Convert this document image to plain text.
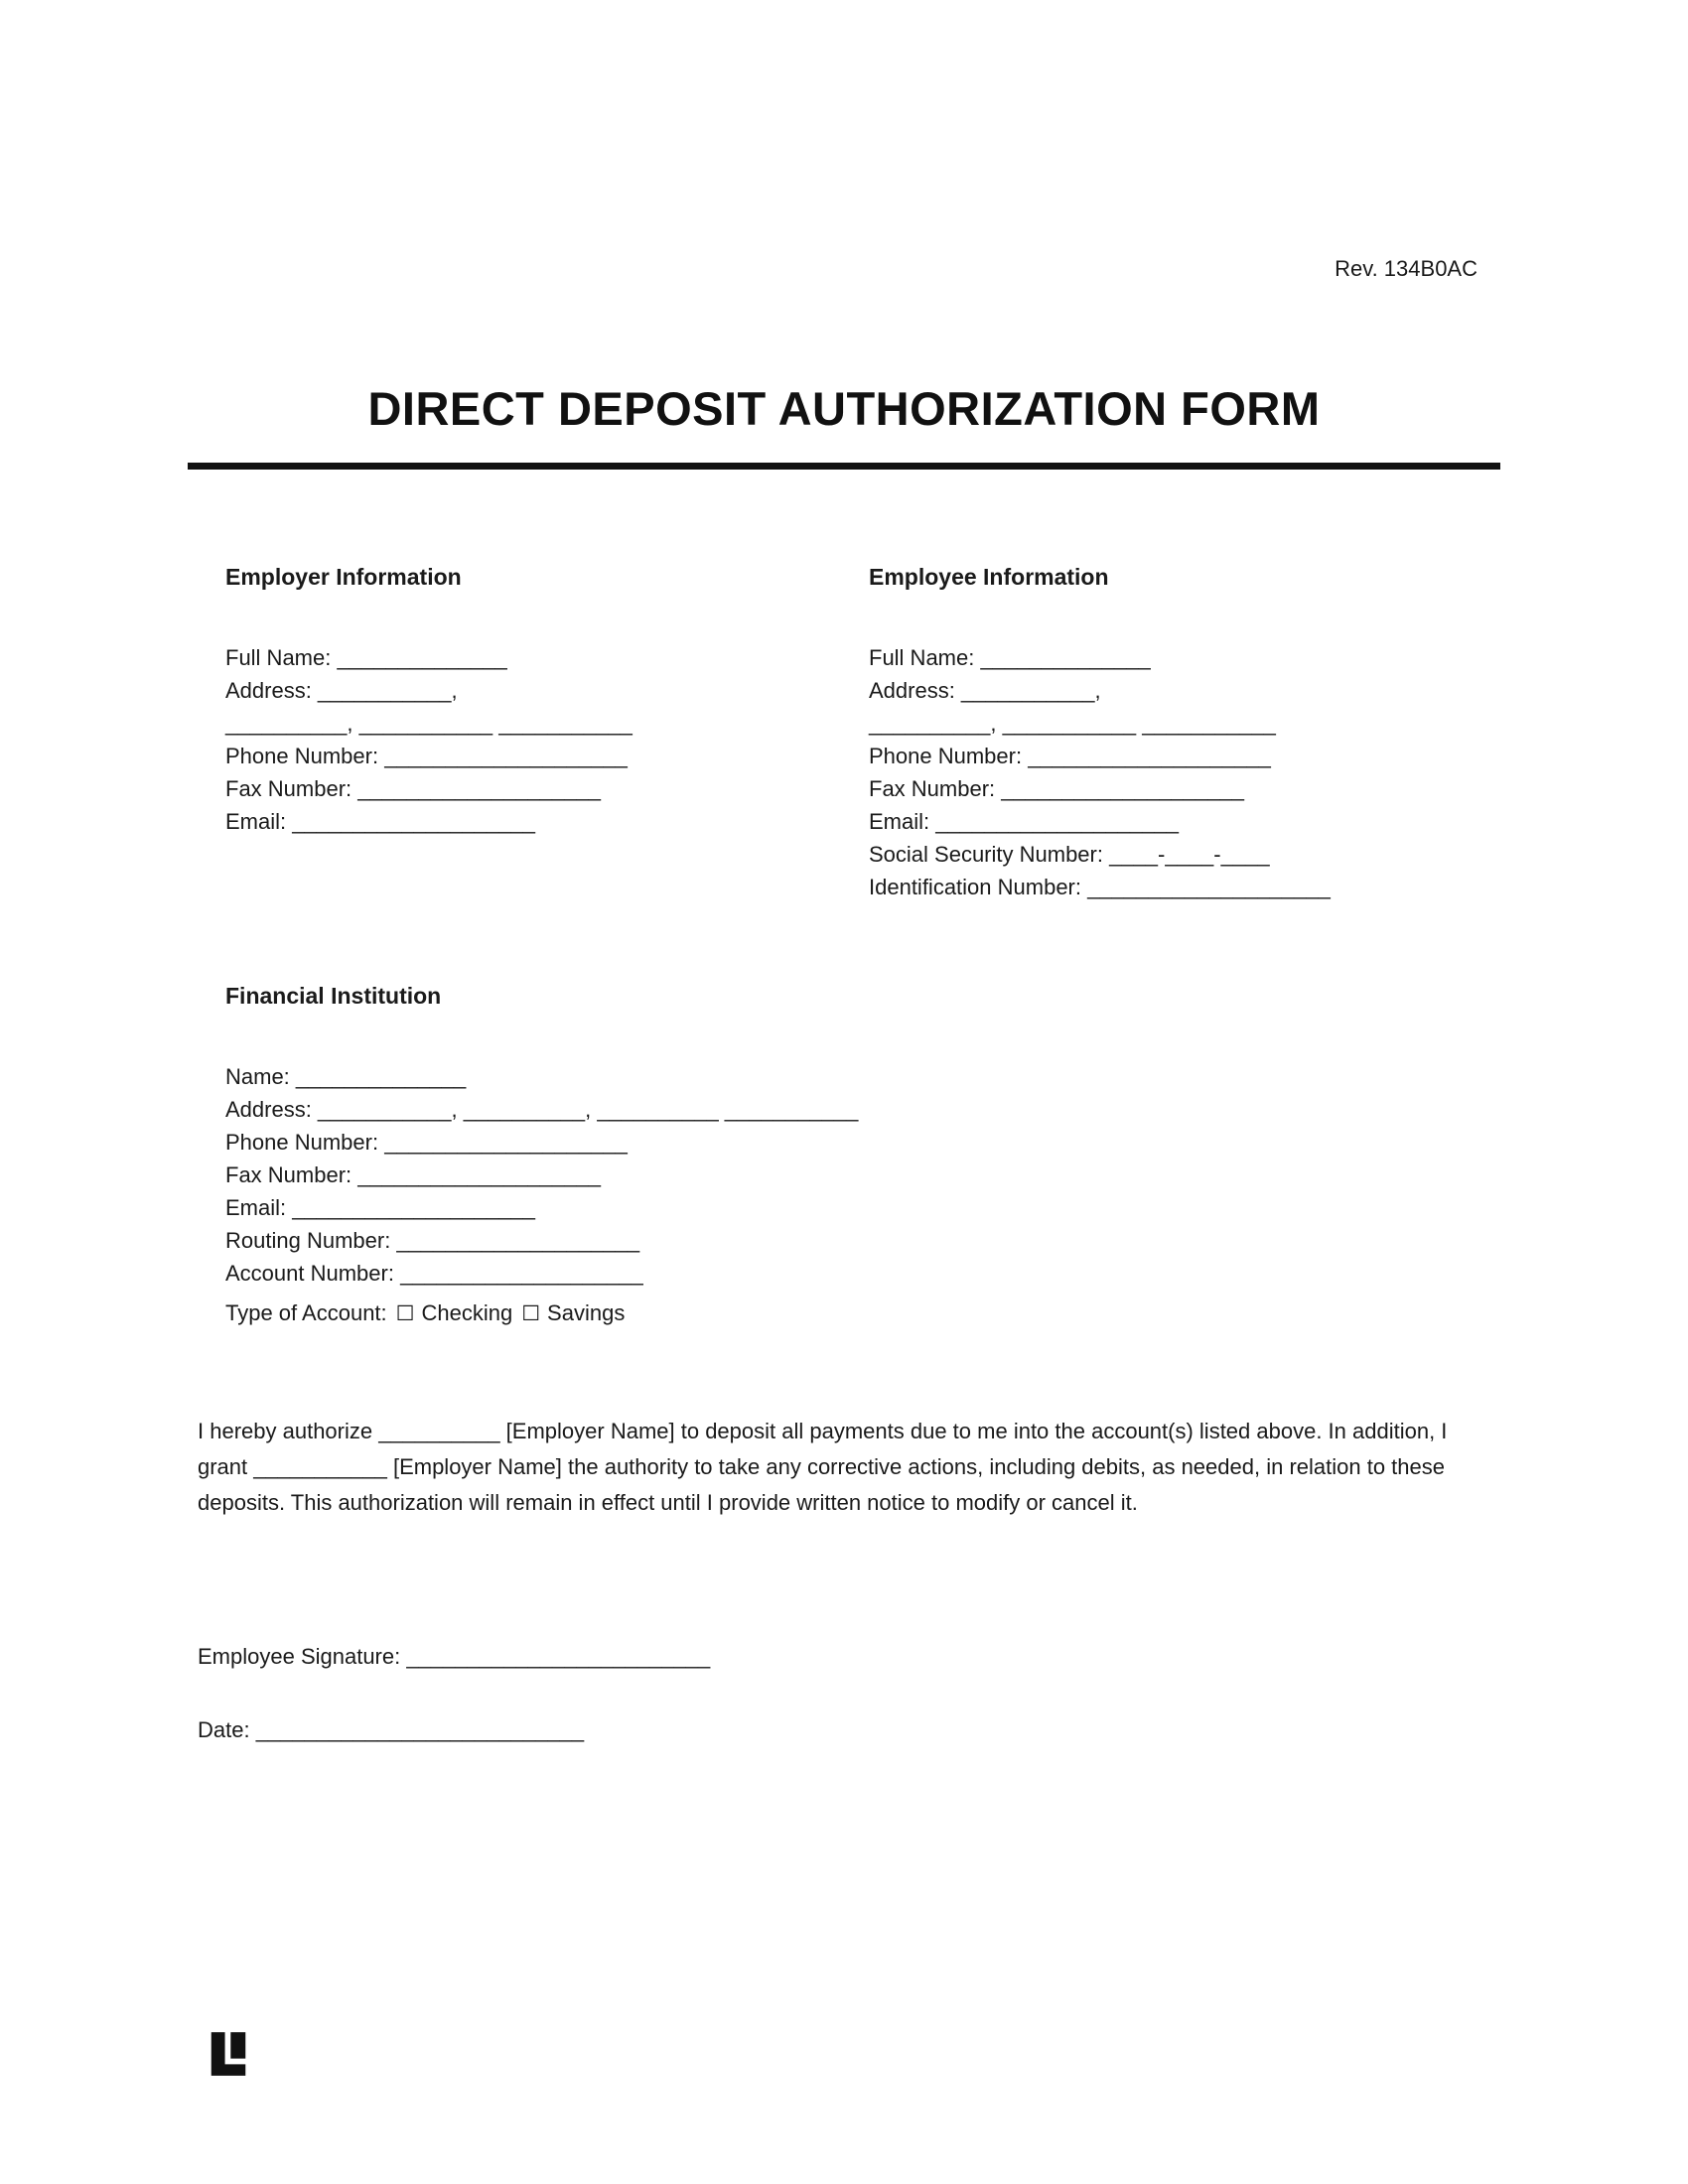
Rev. 134B0AC
DIRECT DEPOSIT AUTHORIZATION FORM
Employer Information
Full Name: ______________
Address: ___________,
__________, ___________ ___________
Phone Number: ____________________
Fax Number: ____________________
Email: ____________________
Employee Information
Full Name: ______________
Address: ___________,
__________, ___________ ___________
Phone Number: ____________________
Fax Number: ____________________
Email: ____________________
Social Security Number: ____-____-____
Identification Number: ____________________
Financial Institution
Name: ______________
Address: ___________, __________, __________ ___________
Phone Number: ____________________
Fax Number: ____________________
Email: ____________________
Routing Number: ____________________
Account Number: ____________________
Type of Account: ☐ Checking ☐ Savings

I hereby authorize __________ [Employer Name] to deposit all payments due to me into the account(s) listed above. In addition, I grant ___________ [Employer Name] the authority to take any corrective actions, including debits, as needed, in relation to these deposits. This authorization will remain in effect until I provide written notice to modify or cancel it.

Employee Signature: _________________________
Date: ___________________________
